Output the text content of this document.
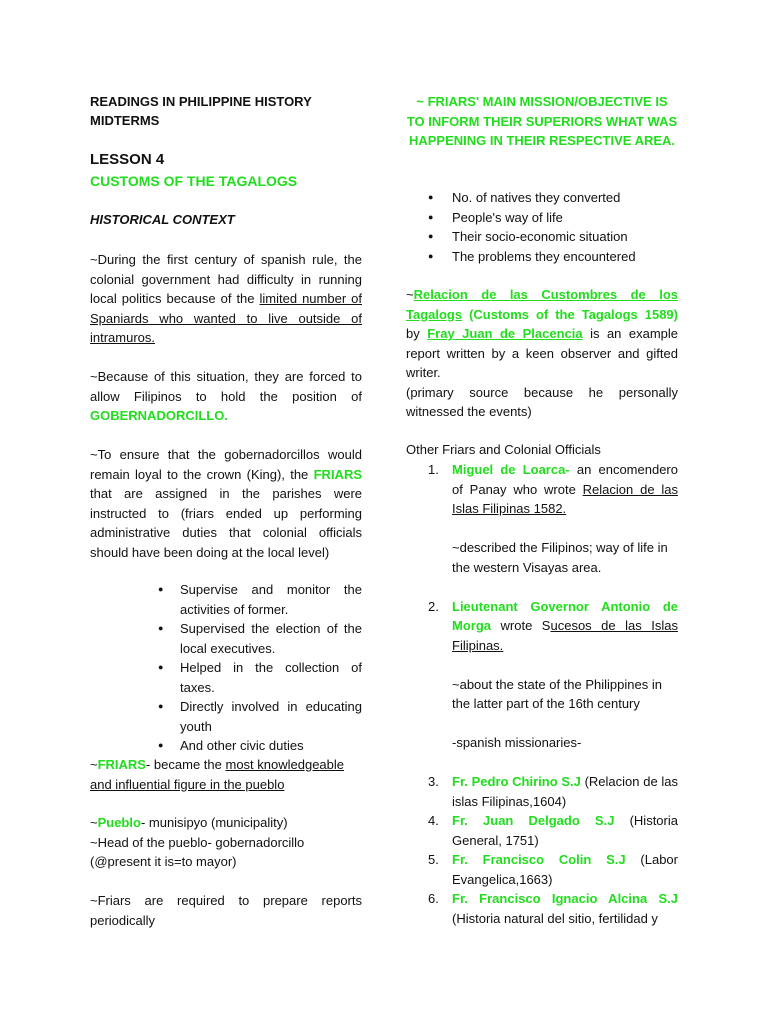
READINGS IN PHILIPPINE HISTORY
MIDTERMS
LESSON 4
CUSTOMS OF THE TAGALOGS
HISTORICAL CONTEXT

~During the first century of spanish rule, the colonial government had difficulty in running local politics because of the limited number of Spaniards who wanted to live outside of intramuros.

~Because of this situation, they are forced to allow Filipinos to hold the position of GOBERNADORCILLO.

~To ensure that the gobernadorcillos would remain loyal to the crown (King), the FRIARS that are assigned in the parishes were instructed to (friars ended up performing administrative duties that colonial officials should have been doing at the local level)

● Supervise and monitor the activities of former.
● Supervised the election of the local executives.
● Helped in the collection of taxes.
● Directly involved in educating youth
● And other civic duties

~FRIARS- became the most knowledgeable and influential figure in the pueblo

~Pueblo- munisipyo (municipality)

~Head of the pueblo- gobernadorcillo

(@present it is=to mayor)

~Friars are required to prepare reports periodically

~ FRIARS' MAIN MISSION/OBJECTIVE IS TO INFORM THEIR SUPERIORS WHAT WAS HAPPENING IN THEIR RESPECTIVE AREA.

● No. of natives they converted
● People's way of life
● Their socio-economic situation
● The problems they encountered

~Relacion de las Custombres de los Tagalogs (Customs of the Tagalogs 1589) by Fray Juan de Placencia is an example report written by a keen observer and gifted writer.

(primary source because he personally witnessed the events)

Other Friars and Colonial Officials

1. Miguel de Loarca- an encomendero of Panay who wrote Relacion de las Islas Filipinas 1582.

~described the Filipinos; way of life in the western Visayas area.

2. Lieutenant Governor Antonio de Morga wrote Sucesos de las Islas Filipinas.

~about the state of the Philippines in the latter part of the 16th century

-spanish missionaries-

3. Fr. Pedro Chirino S.J (Relacion de las islas Filipinas,1604)
4. Fr. Juan Delgado S.J (Historia General, 1751)
5. Fr. Francisco Colin S.J (Labor Evangelica,1663)
6. Fr. Francisco Ignacio Alcina S.J (Historia natural del sitio, fertilidad y
